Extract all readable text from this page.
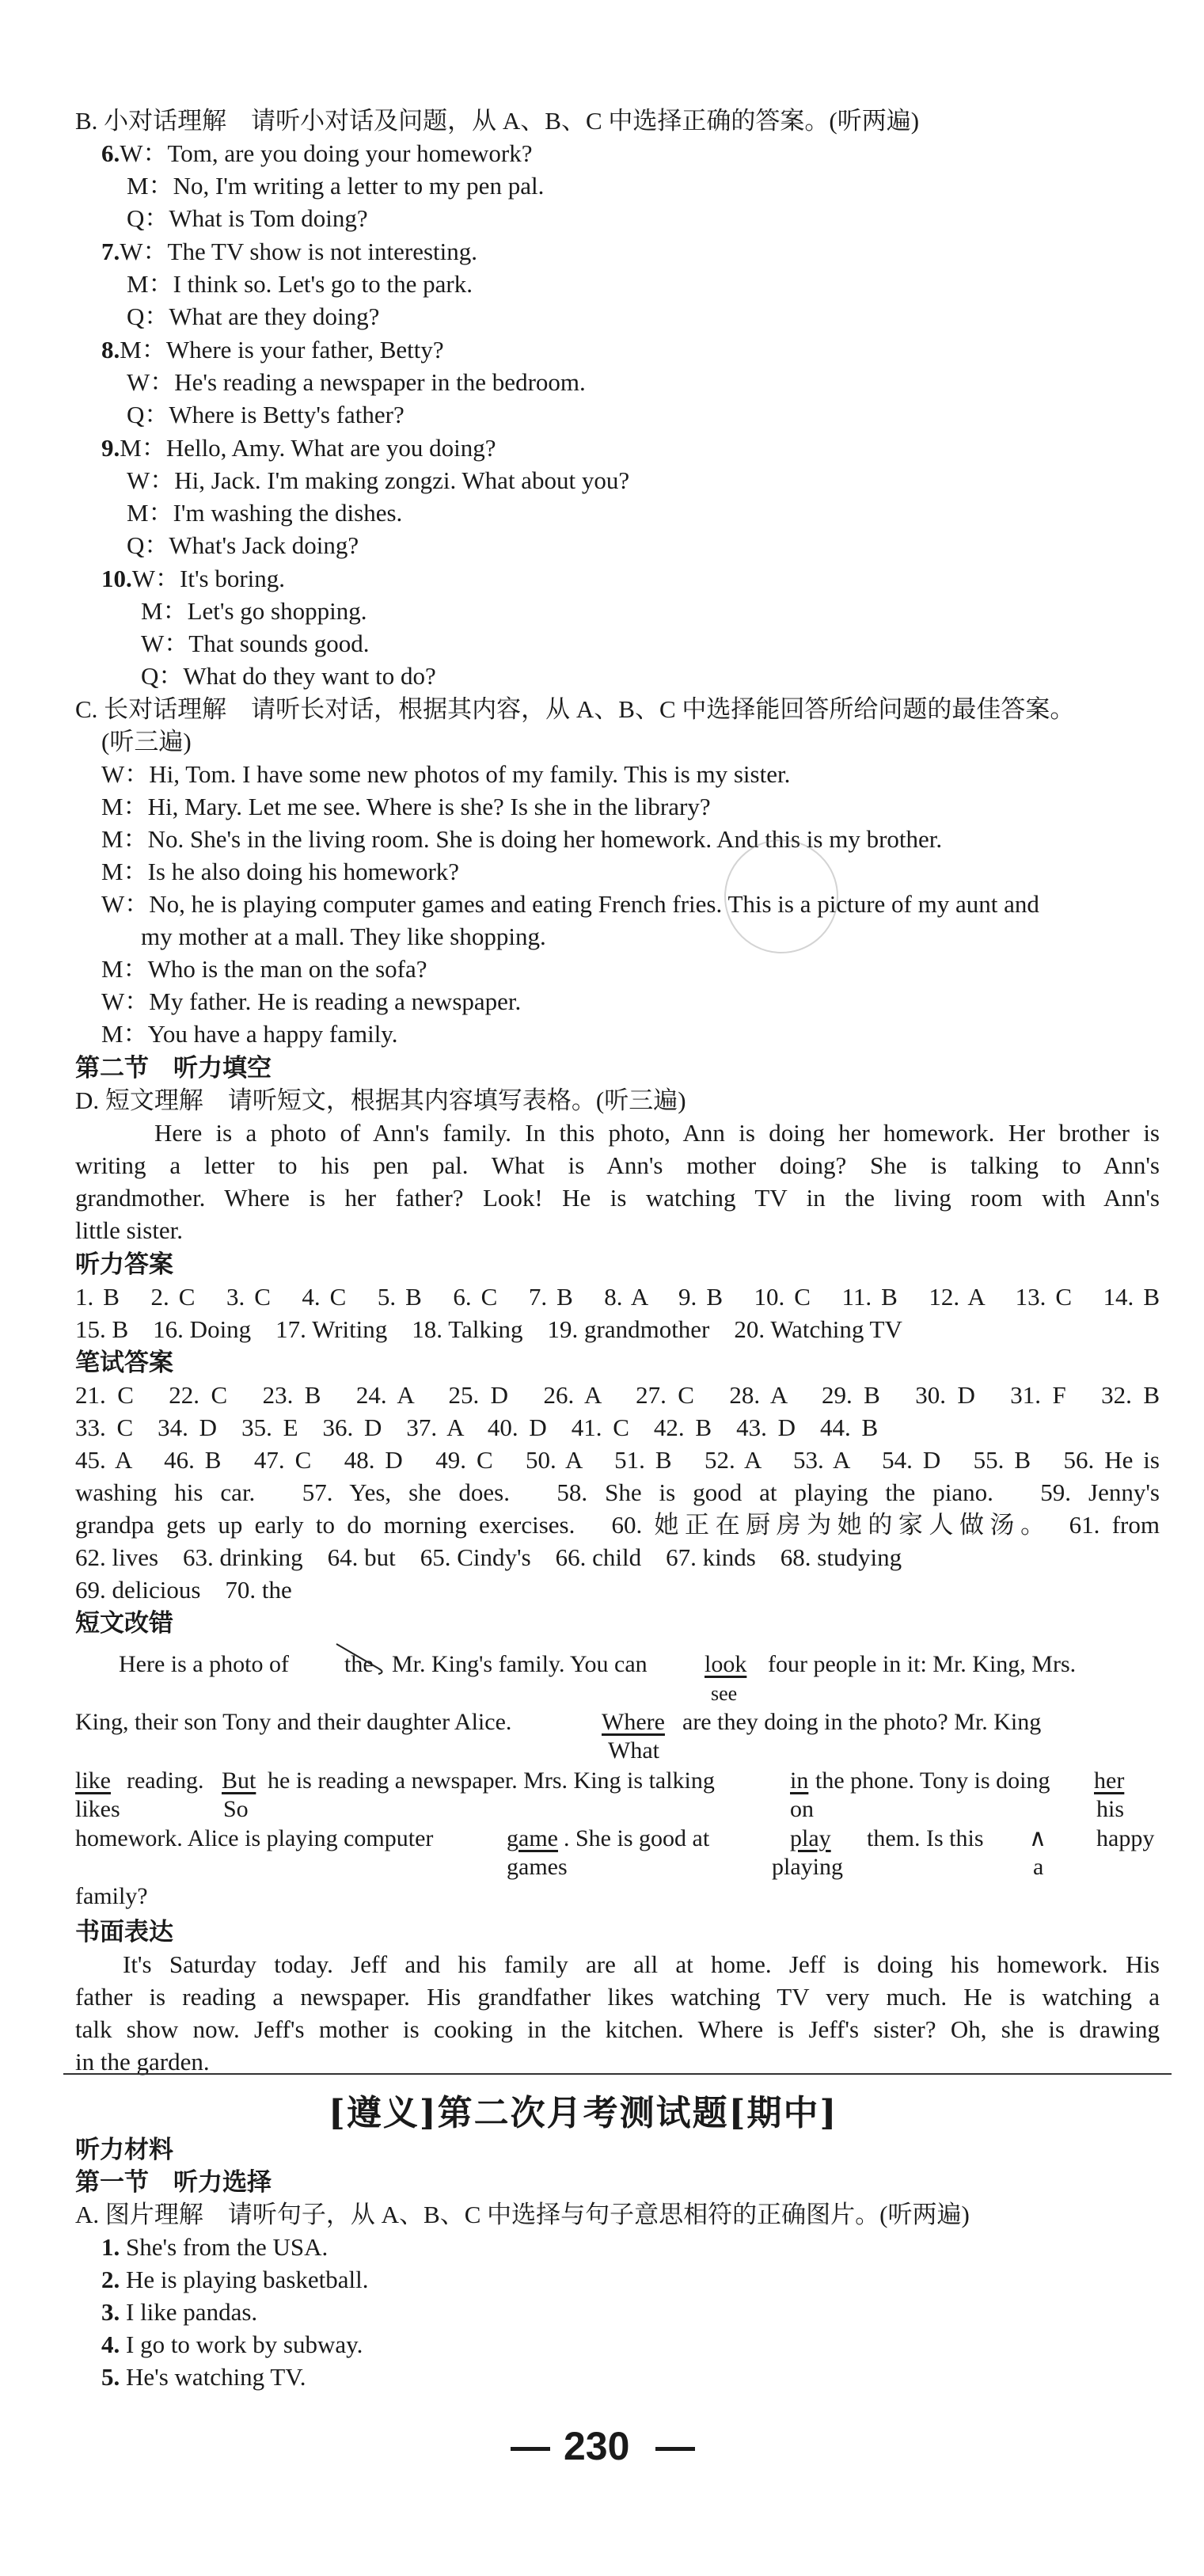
B. 小对话理解　请听小对话及问题，从 A、B、C 中选择正确的答案。(听两遍)
6.W：Tom, are you doing your homework?
M：No, I'm writing a letter to my pen pal.
Q：What is Tom doing?
7.W：The TV show is not interesting.
M：I think so. Let's go to the park.
Q：What are they doing?
8.M：Where is your father, Betty?
W：He's reading a newspaper in the bedroom.
Q：Where is Betty's father?
9.M：Hello, Amy. What are you doing?
W：Hi, Jack. I'm making zongzi. What about you?
M：I'm washing the dishes.
Q：What's Jack doing?
10.W：It's boring.
M：Let's go shopping.
W：That sounds good.
Q：What do they want to do?
C. 长对话理解　请听长对话，根据其内容，从 A、B、C 中选择能回答所给问题的最佳答案。
(听三遍)
W：Hi, Tom. I have some new photos of my family. This is my sister.
M：Hi, Mary. Let me see. Where is she? Is she in the library?
M：No. She's in the living room. She is doing her homework. And this is my brother.
M：Is he also doing his homework?
W：No, he is playing computer games and eating French fries. This is a picture of my aunt and
my mother at a mall. They like shopping.
M：Who is the man on the sofa?
W：My father. He is reading a newspaper.
M：You have a happy family.
第二节　听力填空
D. 短文理解　请听短文，根据其内容填写表格。(听三遍)
Here is a photo of Ann's family. In this photo, Ann is doing her homework. Her brother is
writing a letter to his pen pal. What is Ann's mother doing? She is talking to Ann's
grandmother. Where is her father? Look! He is watching TV in the living room with Ann's
little sister.
听力答案
1. B　2. C　3. C　4. C　5. B　6. C　7. B　8. A　9. B　10. C　11. B　12. A　13. C　14. B
15. B　16. Doing　17. Writing　18. Talking　19. grandmother　20. Watching TV
笔试答案
21. C　22. C　23. B　24. A　25. D　26. A　27. C　28. A　29. B　30. D　31. F　32. B
33. C　34. D　35. E　36. D　37. A　40. D　41. C　42. B　43. D　44. B
45. A　46. B　47. C　48. D　49. C　50. A　51. B　52. A　53. A　54. D　55. B　56. He is
washing his car.　57. Yes, she does.　58. She is good at playing the piano.　59. Jenny's
grandpa gets up early to do morning exercises.　60. 她正在厨房为她的家人做汤。　61. from
62. lives　63. drinking　64. but　65. Cindy's　66. child　67. kinds　68. studying
69. delicious　70. the
短文改错
Here is a photo of the Mr. King's family. You can look four people in it: Mr. King, Mrs.
see
King, their son Tony and their daughter Alice.	Where are they doing in the photo? Mr. King
What
like reading. But he is reading a newspaper. Mrs. King is talking	in the phone. Tony is doing her
likes	So	on	his
homework. Alice is playing computer	game . She is good at	play them. Is this ∧ happy
games	playing	a
family?
书面表达
It's Saturday today. Jeff and his family are all at home. Jeff is doing his homework. His
father is reading a newspaper. His grandfather likes watching TV very much. He is watching a
talk show now. Jeff's mother is cooking in the kitchen. Where is Jeff's sister? Oh, she is drawing
in the garden.
[遵义]第二次月考测试题[期中]
听力材料
第一节　听力选择
A. 图片理解　请听句子，从 A、B、C 中选择与句子意思相符的正确图片。(听两遍)
1. She's from the USA.
2. He is playing basketball.
3. I like pandas.
4. I go to work by subway.
5. He's watching TV.
— 230 —
